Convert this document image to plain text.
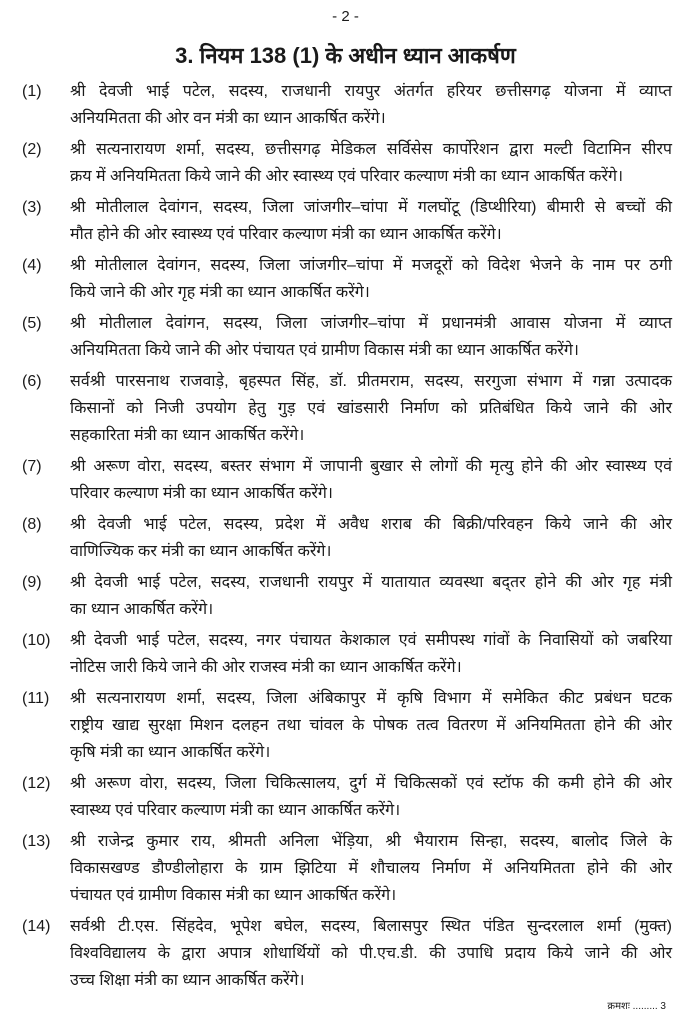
- 2 -
3. नियम 138 (1) के अधीन ध्यान आकर्षण
(1)	श्री देवजी भाई पटेल, सदस्य, राजधानी रायपुर अंतर्गत हरियर छत्तीसगढ़ योजना में व्याप्त
अनियमितता की ओर वन मंत्री का ध्यान आकर्षित करेंगे।
(2)	श्री सत्यनारायण शर्मा, सदस्य, छत्तीसगढ़ मेडिकल सर्विसेस कार्पोरेशन द्वारा मल्टी विटामिन सीरप
क्रय में अनियमितता किये जाने की ओर स्वास्थ्य एवं परिवार कल्याण मंत्री का ध्यान आकर्षित करेंगे।
(3)	श्री मोतीलाल देवांगन, सदस्य, जिला जांजगीर–चांपा में गलघोंटू (डिप्थीरिया) बीमारी से बच्चों की
मौत होने की ओर स्वास्थ्य एवं परिवार कल्याण मंत्री का ध्यान आकर्षित करेंगे।
(4)	श्री मोतीलाल देवांगन, सदस्य, जिला जांजगीर–चांपा में मजदूरों को विदेश भेजने के नाम पर ठगी
किये जाने की ओर गृह मंत्री का ध्यान आकर्षित करेंगे।
(5)	श्री मोतीलाल देवांगन, सदस्य, जिला जांजगीर–चांपा में प्रधानमंत्री आवास योजना में व्याप्त
अनियमितता किये जाने की ओर पंचायत एवं ग्रामीण विकास मंत्री का ध्यान आकर्षित करेंगे।
(6)	सर्वश्री पारसनाथ राजवाड़े, बृहस्पत सिंह, डॉ. प्रीतमराम, सदस्य, सरगुजा संभाग में गन्ना उत्पादक
किसानों को निजी उपयोग हेतु गुड़ एवं खांडसारी निर्माण को प्रतिबंधित किये जाने की ओर
सहकारिता मंत्री का ध्यान आकर्षित करेंगे।
(7)	श्री अरूण वोरा, सदस्य, बस्तर संभाग में जापानी बुखार से लोगों की मृत्यु होने की ओर स्वास्थ्य एवं
परिवार कल्याण मंत्री का ध्यान आकर्षित करेंगे।
(8)	श्री देवजी भाई पटेल, सदस्य, प्रदेश में अवैध शराब की बिक्री/परिवहन किये जाने की ओर
वाणिज्यिक कर मंत्री का ध्यान आकर्षित करेंगे।
(9)	श्री देवजी भाई पटेल, सदस्य, राजधानी रायपुर में यातायात व्यवस्था बद्तर होने की ओर गृह मंत्री
का ध्यान आकर्षित करेंगे।
(10)	श्री देवजी भाई पटेल, सदस्य, नगर पंचायत केशकाल एवं समीपस्थ गांवों के निवासियों को जबरिया
नोटिस जारी किये जाने की ओर राजस्व मंत्री का ध्यान आकर्षित करेंगे।
(11)	श्री सत्यनारायण शर्मा, सदस्य, जिला अंबिकापुर में कृषि विभाग में समेकित कीट प्रबंधन घटक
राष्ट्रीय खाद्य सुरक्षा मिशन दलहन तथा चांवल के पोषक तत्व वितरण में अनियमितता होने की ओर
कृषि मंत्री का ध्यान आकर्षित करेंगे।
(12)	श्री अरूण वोरा, सदस्य, जिला चिकित्सालय, दुर्ग में चिकित्सकों एवं स्टॉफ की कमी होने की ओर
स्वास्थ्य एवं परिवार कल्याण मंत्री का ध्यान आकर्षित करेंगे।
(13)	श्री राजेन्द्र कुमार राय, श्रीमती अनिला भेंड़िया, श्री भैयाराम सिन्हा, सदस्य, बालोद जिले के
विकासखण्ड डौण्डीलोहारा के ग्राम झिटिया में शौचालय निर्माण में अनियमितता होने की ओर
पंचायत एवं ग्रामीण विकास मंत्री का ध्यान आकर्षित करेंगे।
(14)	सर्वश्री टी.एस. सिंहदेव, भूपेश बघेल, सदस्य, बिलासपुर स्थित पंडित सुन्दरलाल शर्मा (मुक्त)
विश्वविद्यालय के द्वारा अपात्र शोधार्थियों को पी.एच.डी. की उपाधि प्रदाय किये जाने की ओर
उच्च शिक्षा मंत्री का ध्यान आकर्षित करेंगे।
क्रमशः ......... 3
